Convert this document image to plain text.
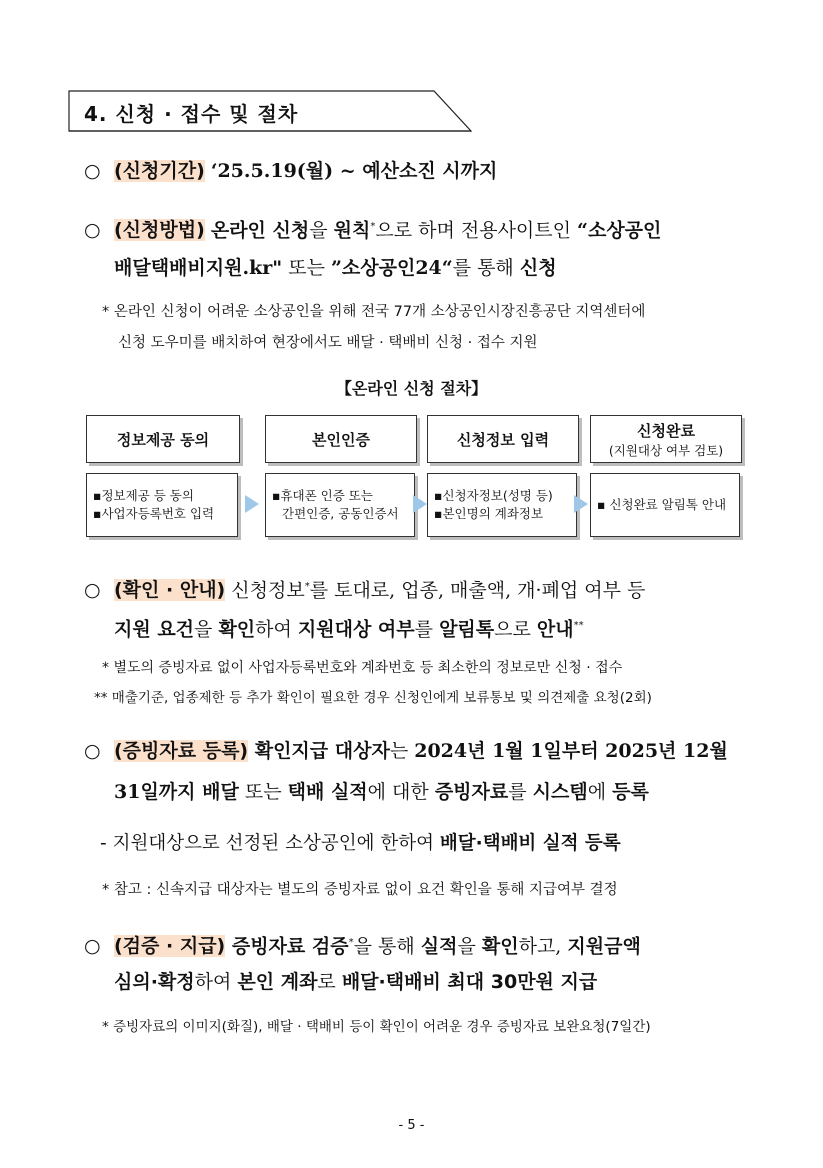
4. 신청 · 접수 및 절차
○ (신청기간) ‘25.5.19(월) ~ 예산소진 시까지
○ (신청방법) 온라인 신청을 원칙*으로 하며 전용사이트인 “소상공인
배달택배비지원.kr" 또는 ”소상공인24“를 통해 신청
* 온라인 신청이 어려운 소상공인을 위해 전국 77개 소상공인시장진흥공단 지역센터에
신청 도우미를 배치하여 현장에서도 배달 · 택배비 신청 · 접수 지원
【온라인 신청 절차】
정보제공 동의	본인인증	신청정보 입력	신청완료
(지원대상 여부 검토)
▪정보제공 등 동의
▪사업자등록번호 입력
▪휴대폰 인증 또는
간편인증, 공동인증서
▪신청자정보(성명 등)
▪본인명의 계좌정보
▪ 신청완료 알림톡 안내
○ (확인 · 안내) 신청정보*를 토대로, 업종, 매출액, 개·폐업 여부 등
지원 요건을 확인하여 지원대상 여부를 알림톡으로 안내**
* 별도의 증빙자료 없이 사업자등록번호와 계좌번호 등 최소한의 정보로만 신청 · 접수
** 매출기준, 업종제한 등 추가 확인이 필요한 경우 신청인에게 보류통보 및 의견제출 요청(2회)
○ (증빙자료 등록) 확인지급 대상자는 2024년 1월 1일부터 2025년 12월
31일까지 배달 또는 택배 실적에 대한 증빙자료를 시스템에 등록
- 지원대상으로 선정된 소상공인에 한하여 배달·택배비 실적 등록
* 참고 : 신속지급 대상자는 별도의 증빙자료 없이 요건 확인을 통해 지급여부 결정
○ (검증 · 지급) 증빙자료 검증*을 통해 실적을 확인하고, 지원금액
심의·확정하여 본인 계좌로 배달·택배비 최대 30만원 지급
* 증빙자료의 이미지(화질), 배달 · 택배비 등이 확인이 어려운 경우 증빙자료 보완요청(7일간)
- 5 -
